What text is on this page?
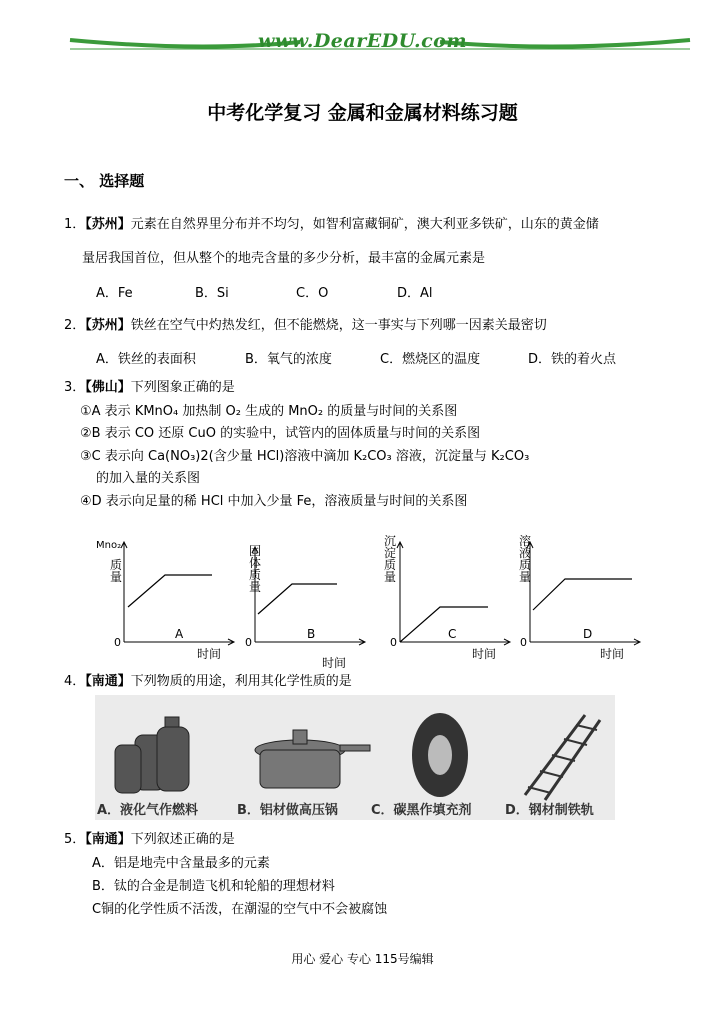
www.DearEDU.com
中考化学复习 金属和金属材料练习题
一、 选择题
1．【苏州】元素在自然界里分布并不均匀，如智利富藏铜矿，澳大利亚多铁矿，山东的黄金储
量居我国首位，但从整个的地壳含量的多少分析，最丰富的金属元素是
A．Fe	B．Si	C．O	D．Al
2．【苏州】铁丝在空气中灼热发红，但不能燃烧，这一事实与下列哪一因素关最密切
A．铁丝的表面积	B．氧气的浓度	C．燃烧区的温度	D．铁的着火点
3．【佛山】下列图象正确的是
①A 表示 KMnO₄ 加热制 O₂ 生成的 MnO₂ 的质量与时间的关系图
②B 表示 CO 还原 CuO 的实验中，试管内的固体质量与时间的关系图
③C 表示向 Ca(NO₃)2(含少量 HCl)溶液中滴加 K₂CO₃ 溶液，沉淀量与 K₂CO₃
的加入量的关系图
④D 表示向足量的稀 HCl 中加入少量 Fe，溶液质量与时间的关系图
0
A
时间
Mno₂
质
量
0
B
时间
固
体
质
量
0
C
时间
沉
淀
质
量
0
D
时间
溶
液
质
量
4．【南通】下列物质的用途，利用其化学性质的是
A．液化气作燃料	B．铝材做高压锅	C．碳黑作填充剂	D．钢材制铁轨
5．【南通】下列叙述正确的是
A．铝是地壳中含量最多的元素
B．钛的合金是制造飞机和轮船的理想材料
C铜的化学性质不活泼，在潮湿的空气中不会被腐蚀
用心 爱心 专心 115号编辑
